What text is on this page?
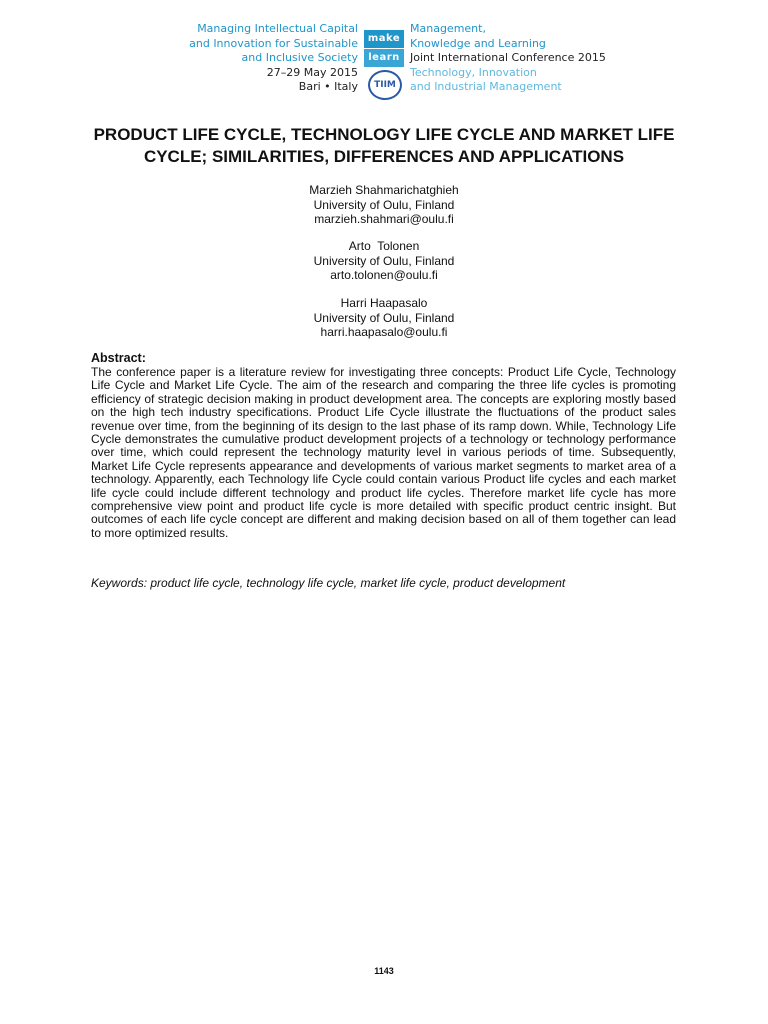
Managing Intellectual Capital
and Innovation for Sustainable
and Inclusive Society
27–29 May 2015
Bari • Italy
make
learn
TIIM
Management,
Knowledge and Learning
Joint International Conference 2015
Technology, Innovation
and Industrial Management
PRODUCT LIFE CYCLE, TECHNOLOGY LIFE CYCLE AND MARKET LIFE CYCLE; SIMILARITIES, DIFFERENCES AND APPLICATIONS
Marzieh Shahmarichatghieh
University of Oulu, Finland
marzieh.shahmari@oulu.fi
Arto  Tolonen
University of Oulu, Finland
arto.tolonen@oulu.fi
Harri Haapasalo
University of Oulu, Finland
harri.haapasalo@oulu.fi
Abstract:

The conference paper is a literature review for investigating three concepts: Product Life Cycle, Technology Life Cycle and Market Life Cycle. The aim of the research and comparing the three life cycles is promoting efficiency of strategic decision making in product development area. The concepts are exploring mostly based on the high tech industry specifications. Product Life Cycle illustrate the fluctuations of the product sales revenue over time, from the beginning of its design to the last phase of its ramp down. While, Technology Life Cycle demonstrates the cumulative product development projects of a technology or technology performance over time, which could represent the technology maturity level in various periods of time. Subsequently, Market Life Cycle represents appearance and developments of various market segments to market area of a technology. Apparently, each Technology life Cycle could contain various Product life cycles and each market life cycle could include different technology and product life cycles. Therefore market life cycle has more comprehensive view point and product life cycle is more detailed with specific product centric insight. But outcomes of each life cycle concept are different and making decision based on all of them together can lead to more optimized results.

Keywords: product life cycle, technology life cycle, market life cycle, product development
1143
